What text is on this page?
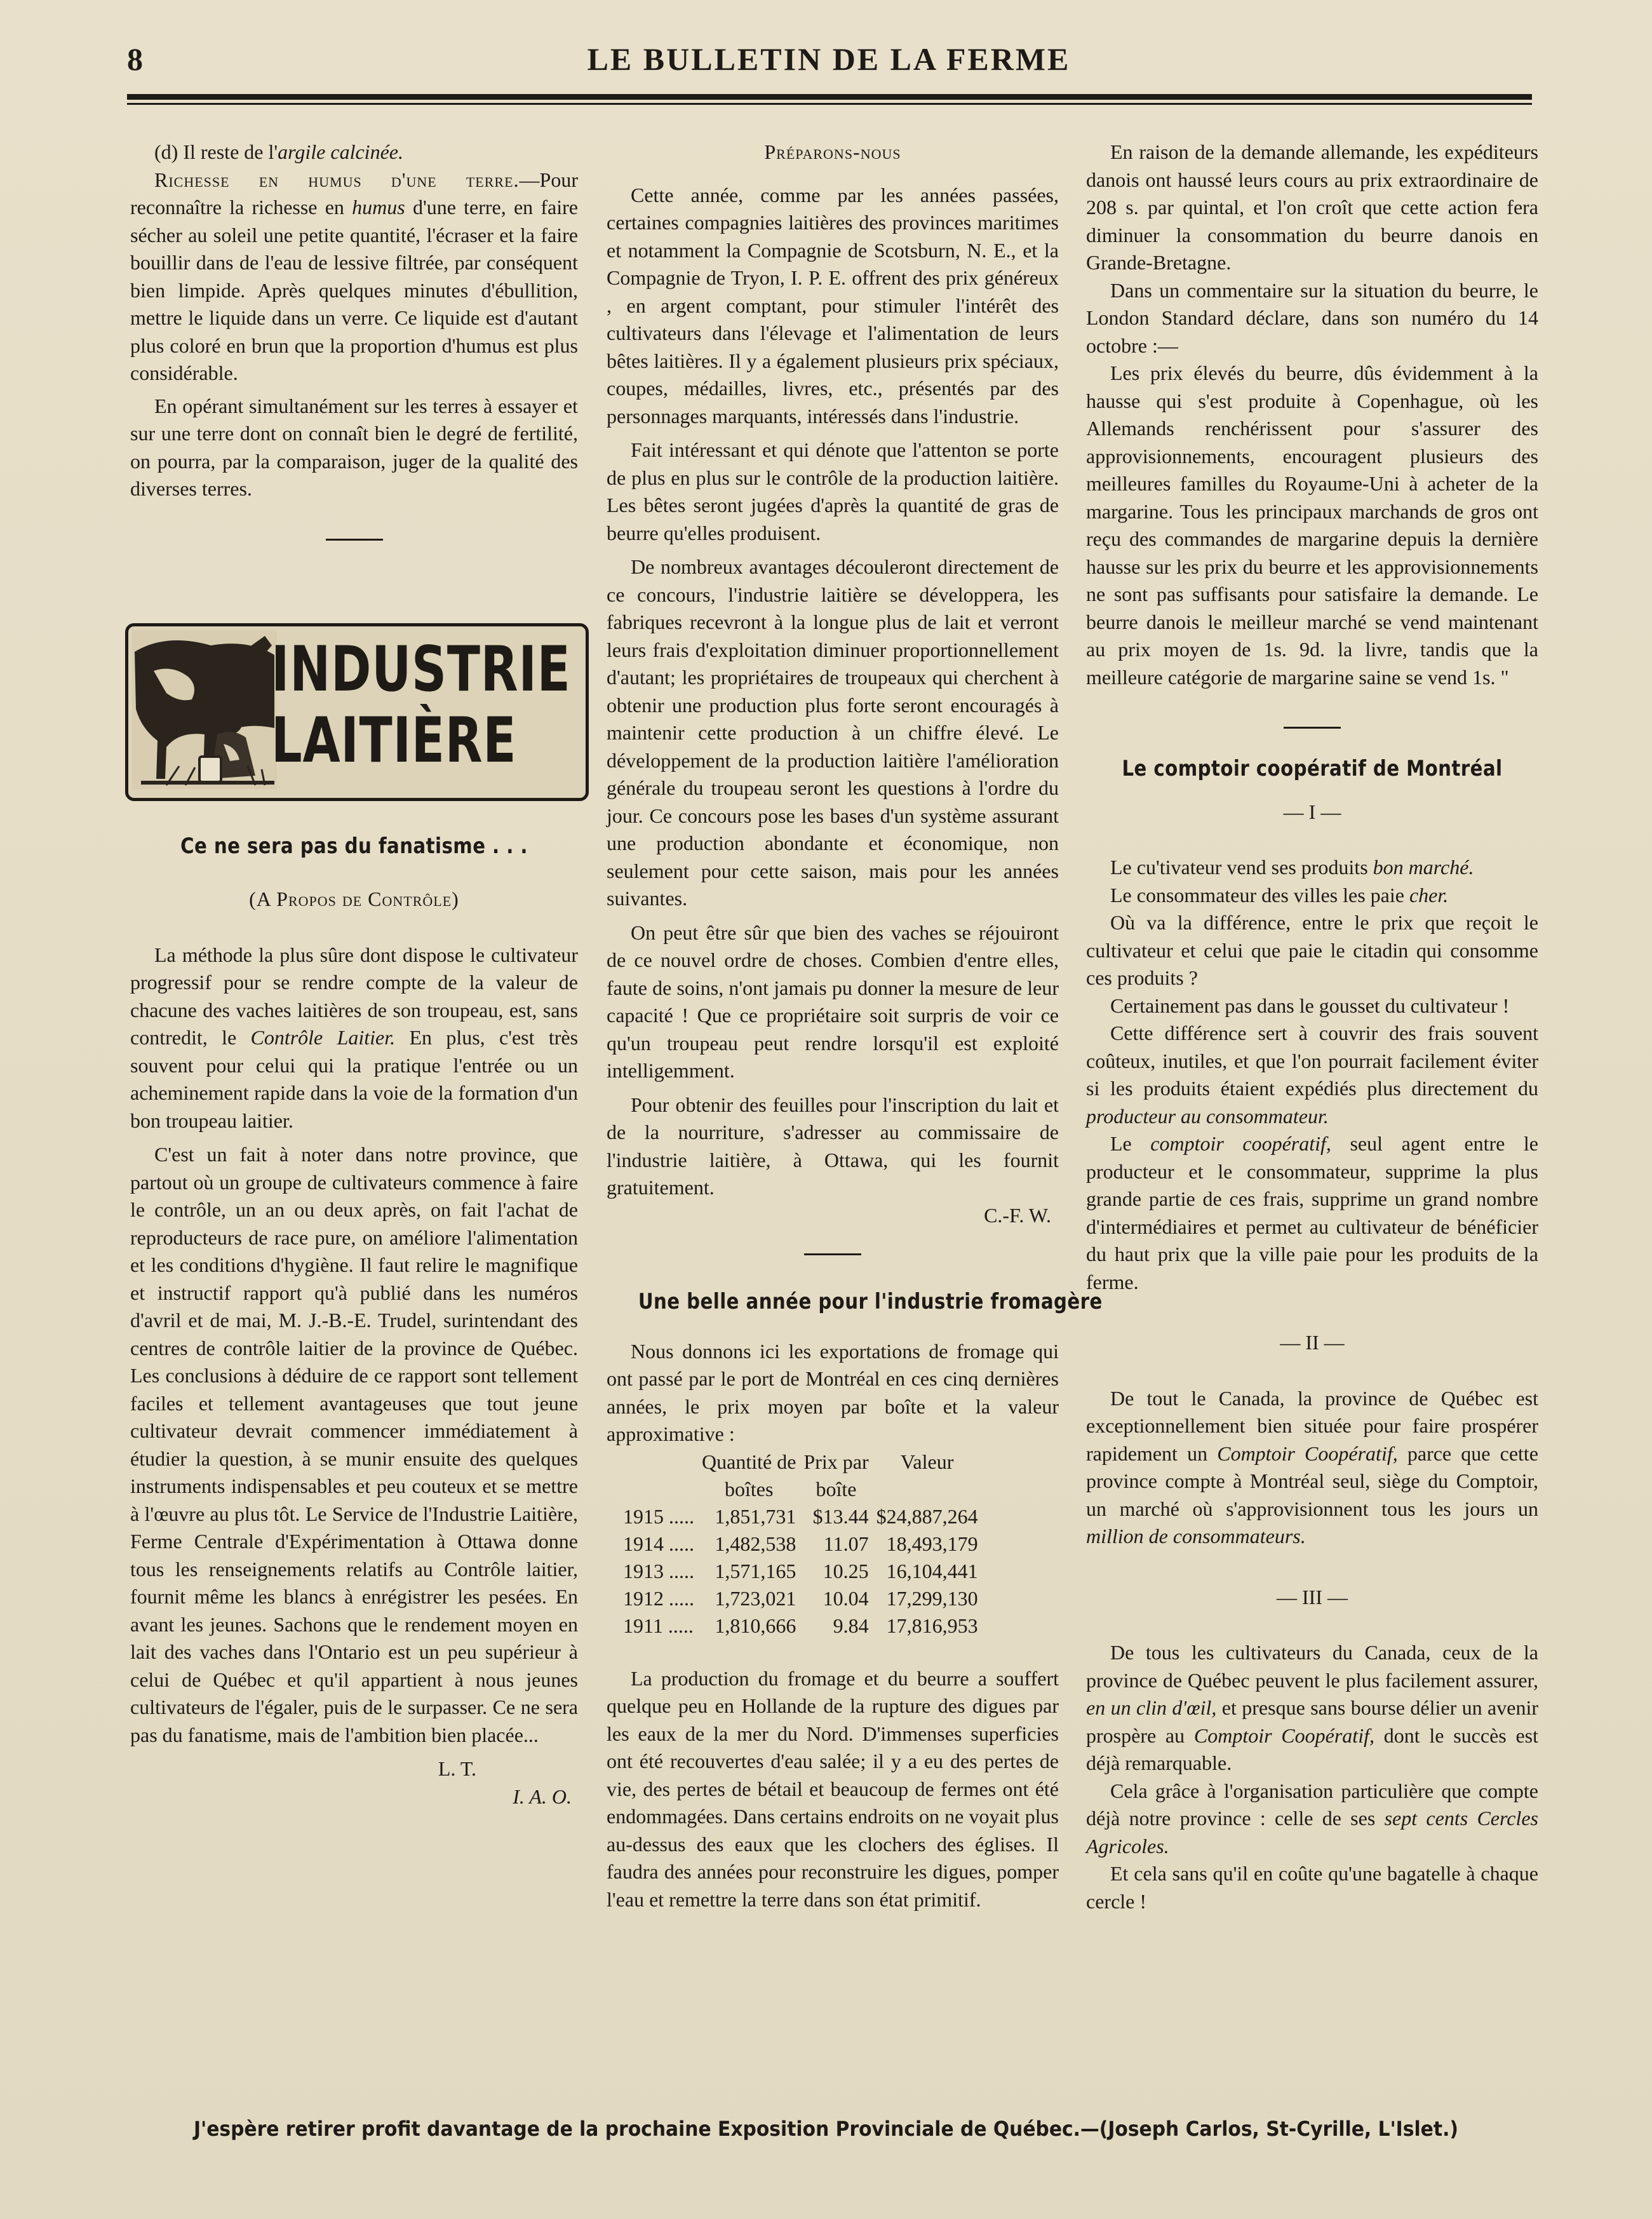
8	LE BULLETIN DE LA FERME

(d) Il reste de l'argile calcinée.

Richesse en humus d'une terre.—Pour reconnaître la richesse en humus d'une terre, en faire sécher au soleil une petite quantité, l'écraser et la faire bouillir dans de l'eau de lessive filtrée, par conséquent bien limpide. Après quelques minutes d'ébullition, mettre le liquide dans un verre. Ce liquide est d'autant plus coloré en brun que la proportion d'humus est plus considérable.

En opérant simultanément sur les terres à essayer et sur une terre dont on connaît bien le degré de fertilité, on pourra, par la comparaison, juger de la qualité des diverses terres.

INDUSTRIE
LAITIÈRE
Ce ne sera pas du fanatisme . . .

(A Propos de Contrôle)

La méthode la plus sûre dont dispose le cultivateur progressif pour se rendre compte de la valeur de chacune des vaches laitières de son troupeau, est, sans contredit, le Contrôle Laitier. En plus, c'est très souvent pour celui qui la pratique l'entrée ou un acheminement rapide dans la voie de la formation d'un bon troupeau laitier.

C'est un fait à noter dans notre province, que partout où un groupe de cultivateurs commence à faire le contrôle, un an ou deux après, on fait l'achat de reproducteurs de race pure, on améliore l'alimentation et les conditions d'hygiène. Il faut relire le magnifique et instructif rapport qu'à publié dans les numéros d'avril et de mai, M. J.-B.-E. Trudel, surintendant des centres de contrôle laitier de la province de Québec. Les conclusions à déduire de ce rapport sont tellement faciles et tellement avantageuses que tout jeune cultivateur devrait commencer immédiatement à étudier la question, à se munir ensuite des quelques instruments indispensables et peu couteux et se mettre à l'œuvre au plus tôt. Le Service de l'Industrie Laitière, Ferme Centrale d'Expérimentation à Ottawa donne tous les renseignements relatifs au Contrôle laitier, fournit même les blancs à enrégistrer les pesées. En avant les jeunes. Sachons que le rendement moyen en lait des vaches dans l'Ontario est un peu supérieur à celui de Québec et qu'il appartient à nous jeunes cultivateurs de l'égaler, puis de le surpasser. Ce ne sera pas du fanatisme, mais de l'ambition bien placée...

L. T.

I. A. O.

Préparons-nous

Cette année, comme par les années passées, certaines compagnies laitières des provinces maritimes et notamment la Compagnie de Scotsburn, N. E., et la Compagnie de Tryon, I. P. E. offrent des prix généreux , en argent comptant, pour stimuler l'intérêt des cultivateurs dans l'élevage et l'alimentation de leurs bêtes laitières. Il y a également plusieurs prix spéciaux, coupes, médailles, livres, etc., présentés par des personnages marquants, intéressés dans l'industrie.

Fait intéressant et qui dénote que l'attenton se porte de plus en plus sur le contrôle de la production laitière. Les bêtes seront jugées d'après la quantité de gras de beurre qu'elles produisent.

De nombreux avantages découleront directement de ce concours, l'industrie laitière se développera, les fabriques recevront à la longue plus de lait et verront leurs frais d'exploitation diminuer proportionnellement d'autant; les propriétaires de troupeaux qui cherchent à obtenir une production plus forte seront encouragés à maintenir cette production à un chiffre élevé. Le développement de la production laitière l'amélioration générale du troupeau seront les questions à l'ordre du jour. Ce concours pose les bases d'un système assurant une production abondante et économique, non seulement pour cette saison, mais pour les années suivantes.

On peut être sûr que bien des vaches se réjouiront de ce nouvel ordre de choses. Combien d'entre elles, faute de soins, n'ont jamais pu donner la mesure de leur capacité ! Que ce propriétaire soit surpris de voir ce qu'un troupeau peut rendre lorsqu'il est exploité intelligemment.

Pour obtenir des feuilles pour l'inscription du lait et de la nourriture, s'adresser au commissaire de l'industrie laitière, à Ottawa, qui les fournit gratuitement.

C.-F. W.

Une belle année pour l'industrie fromagère

Nous donnons ici les exportations de fromage qui ont passé par le port de Montréal en ces cinq dernières années, le prix moyen par boîte et la valeur approximative :

	Quantité de	Prix par	Valeur
	boîtes	boîte	
1915 .....	1,851,731	$13.44	$24,887,264
1914 .....	1,482,538	11.07	18,493,179
1913 .....	1,571,165	10.25	16,104,441
1912 .....	1,723,021	10.04	17,299,130
1911 .....	1,810,666	9.84	17,816,953

La production du fromage et du beurre a souffert quelque peu en Hollande de la rupture des digues par les eaux de la mer du Nord. D'immenses superficies ont été recouvertes d'eau salée; il y a eu des pertes de vie, des pertes de bétail et beaucoup de fermes ont été endommagées. Dans certains endroits on ne voyait plus au-dessus des eaux que les clochers des églises. Il faudra des années pour reconstruire les digues, pomper l'eau et remettre la terre dans son état primitif.

En raison de la demande allemande, les expéditeurs danois ont haussé leurs cours au prix extraordinaire de 208 s. par quintal, et l'on croît que cette action fera diminuer la consommation du beurre danois en Grande-Bretagne.

Dans un commentaire sur la situation du beurre, le London Standard déclare, dans son numéro du 14 octobre :—

Les prix élevés du beurre, dûs évidemment à la hausse qui s'est produite à Copenhague, où les Allemands renchérissent pour s'assurer des approvisionnements, encouragent plusieurs des meilleures familles du Royaume-Uni à acheter de la margarine. Tous les principaux marchands de gros ont reçu des commandes de margarine depuis la dernière hausse sur les prix du beurre et les approvisionnements ne sont pas suffisants pour satisfaire la demande. Le beurre danois le meilleur marché se vend maintenant au prix moyen de 1s. 9d. la livre, tandis que la meilleure catégorie de margarine saine se vend 1s. "

Le comptoir coopératif de Montréal

— I —

Le cu'tivateur vend ses produits bon marché.

Le consommateur des villes les paie cher.

Où va la différence, entre le prix que reçoit le cultivateur et celui que paie le citadin qui consomme ces produits ?

Certainement pas dans le gousset du cultivateur !

Cette différence sert à couvrir des frais souvent coûteux, inutiles, et que l'on pourrait facilement éviter si les produits étaient expédiés plus directement du producteur au consommateur.

Le comptoir coopératif, seul agent entre le producteur et le consommateur, supprime la plus grande partie de ces frais, supprime un grand nombre d'intermédiaires et permet au cultivateur de bénéficier du haut prix que la ville paie pour les produits de la ferme.

— II —

De tout le Canada, la province de Québec est exceptionnellement bien située pour faire prospérer rapidement un Comptoir Coopératif, parce que cette province compte à Montréal seul, siège du Comptoir, un marché où s'approvisionnent tous les jours un million de consommateurs.

— III —

De tous les cultivateurs du Canada, ceux de la province de Québec peuvent le plus facilement assurer, en un clin d'œil, et presque sans bourse délier un avenir prospère au Comptoir Coopératif, dont le succès est déjà remarquable.

Cela grâce à l'organisation particulière que compte déjà notre province : celle de ses sept cents Cercles Agricoles.

Et cela sans qu'il en coûte qu'une bagatelle à chaque cercle !

J'espère retirer profit davantage de la prochaine Exposition Provinciale de Québec.—(Joseph Carlos, St-Cyrille, L'Islet.)
